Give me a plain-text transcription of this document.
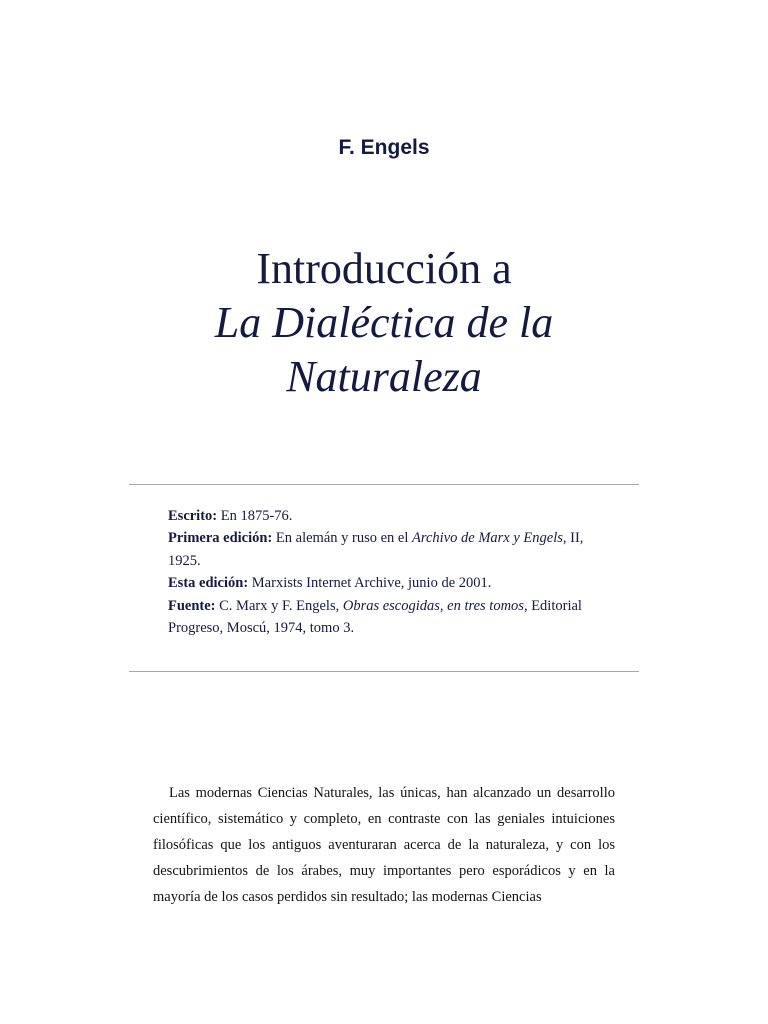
F. Engels
Introducción a
La Dialéctica de la
Naturaleza
Escrito: En 1875-76.
Primera edición: En alemán y ruso en el Archivo de Marx y Engels, II, 1925.
Esta edición: Marxists Internet Archive, junio de 2001.
Fuente: C. Marx y F. Engels, Obras escogidas, en tres tomos, Editorial Progreso, Moscú, 1974, tomo 3.

Las modernas Ciencias Naturales, las únicas, han alcanzado un desarrollo científico, sistemático y completo, en contraste con las geniales intuiciones filosóficas que los antiguos aventuraran acerca de la naturaleza, y con los descubrimientos de los árabes, muy importantes pero esporádicos y en la mayoría de los casos perdidos sin resultado; las modernas Ciencias
